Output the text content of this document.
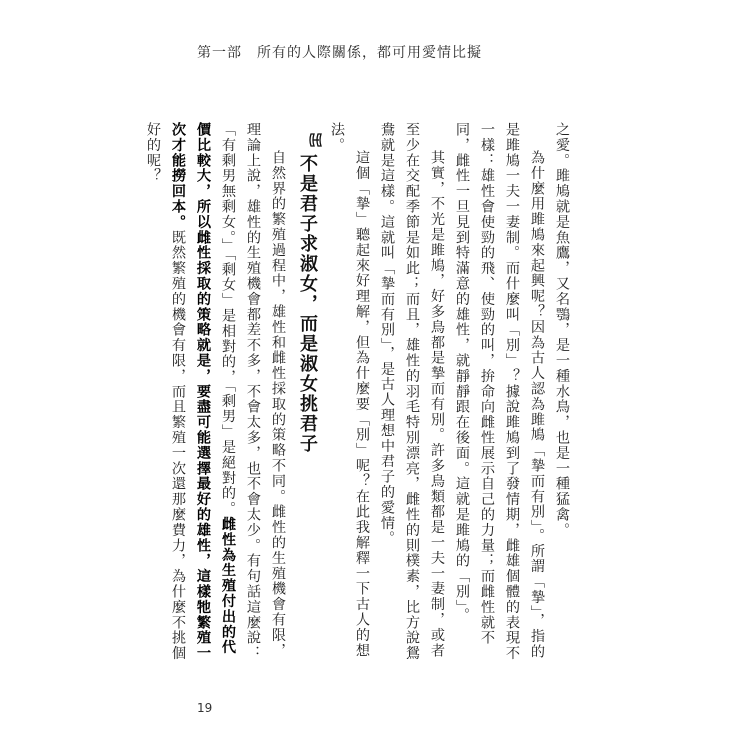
第一部　所有的人際關係，都可用愛情比擬

之愛。雎鳩就是魚鷹，又名鶚，是一種水鳥，也是一種猛禽。

為什麼用雎鳩來起興呢？因為古人認為雎鳩「摯而有別」。所謂「摯」，指的是雎鳩一夫一妻制。而什麼叫「別」？據說雎鳩到了發情期，雌雄個體的表現不一樣：雄性會使勁的飛、使勁的叫，拚命向雌性展示自己的力量；而雌性就不同，雌性一旦見到特滿意的雄性，就靜靜跟在後面。這就是雎鳩的「別」。

其實，不光是雎鳩，好多鳥都是摯而有別。許多鳥類都是一夫一妻制，或者至少在交配季節是如此；而且，雄性的羽毛特別漂亮，雌性的則樸素，比方說鴛鴦就是這樣。這就叫「摯而有別」，是古人理想中君子的愛情。

這個「摯」聽起來好理解，但為什麼要「別」呢？在此我解釋一下古人的想法。

不是君子求淑女，而是淑女挑君子

自然界的繁殖過程中，雄性和雌性採取的策略不同。雌性的生殖機會有限，理論上說，雄性的生殖機會都差不多，不會太多，也不會太少。有句話這麼說：「有剩男無剩女。」「剩女」是相對的，「剩男」是絕對的。雌性為生殖付出的代價比較大，所以雌性採取的策略就是，要盡可能選擇最好的雄性，這樣牠繁殖一次才能撈回本。既然繁殖的機會有限，而且繁殖一次還那麼費力，為什麼不挑個好的呢？

19
